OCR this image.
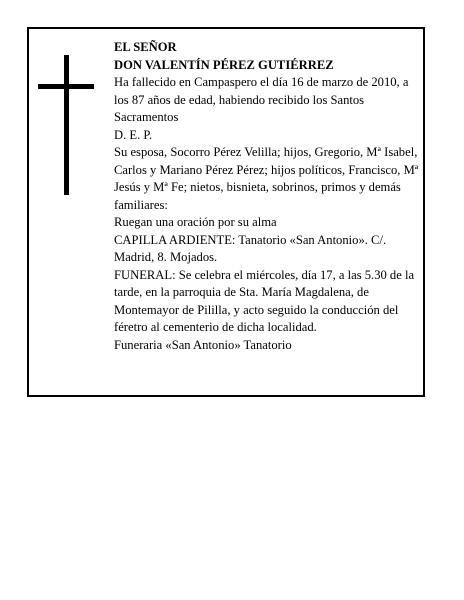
EL SEÑOR

DON VALENTÍN PÉREZ GUTIÉRREZ

Ha fallecido en Campaspero el día 16 de marzo de 2010, a los 87 años de edad, habiendo recibido los Santos Sacramentos

D. E. P.

Su esposa, Socorro Pérez Velilla; hijos, Gregorio, Mª Isabel, Carlos y Mariano Pérez Pérez; hijos políticos, Francisco, Mª Jesús y Mª Fe; nietos, bisnieta, sobrinos, primos y demás familiares:

Ruegan una oración por su alma

CAPILLA ARDIENTE: Tanatorio «San Antonio». C/. Madrid, 8. Mojados.

FUNERAL: Se celebra el miércoles, día 17, a las 5.30 de la tarde, en la parroquia de Sta. María Magdalena, de Montemayor de Pililla, y acto seguido la conducción del féretro al cementerio de dicha localidad.

Funeraria «San Antonio» Tanatorio
